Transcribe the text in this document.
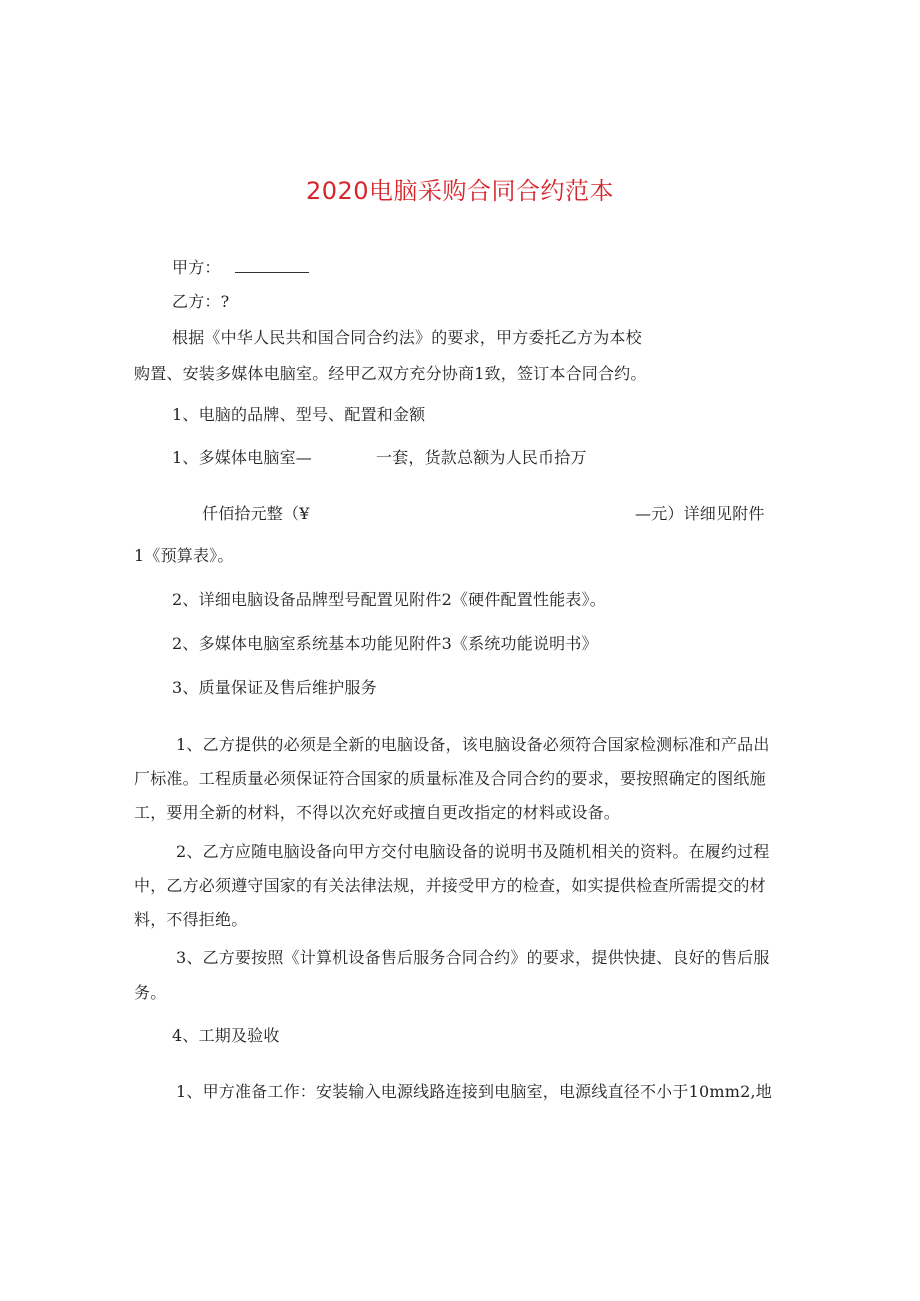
2020电脑采购合同合约范本
甲方：
乙方：?
根据《中华人民共和国合同合约法》的要求，甲方委托乙方为本校
购置、安装多媒体电脑室。经甲乙双方充分协商1致，签订本合同合约。
1、电脑的品牌、型号、配置和金额
1、多媒体电脑室—	一套，货款总额为人民币拾万
仟佰拾元整（¥	—元）详细见附件
1《预算表》。
2、详细电脑设备品牌型号配置见附件2《硬件配置性能表》。
2、多媒体电脑室系统基本功能见附件3《系统功能说明书》
3、质量保证及售后维护服务
1、乙方提供的必须是全新的电脑设备，该电脑设备必须符合国家检测标准和产品出
厂标准。工程质量必须保证符合国家的质量标准及合同合约的要求，要按照确定的图纸施
工，要用全新的材料，不得以次充好或擅自更改指定的材料或设备。
2、乙方应随电脑设备向甲方交付电脑设备的说明书及随机相关的资料。在履约过程
中，乙方必须遵守国家的有关法律法规，并接受甲方的检查，如实提供检查所需提交的材
料，不得拒绝。
3、乙方要按照《计算机设备售后服务合同合约》的要求，提供快捷、良好的售后服
务。
4、工期及验收
1、甲方准备工作：安装输入电源线路连接到电脑室，电源线直径不小于10mm2,地
